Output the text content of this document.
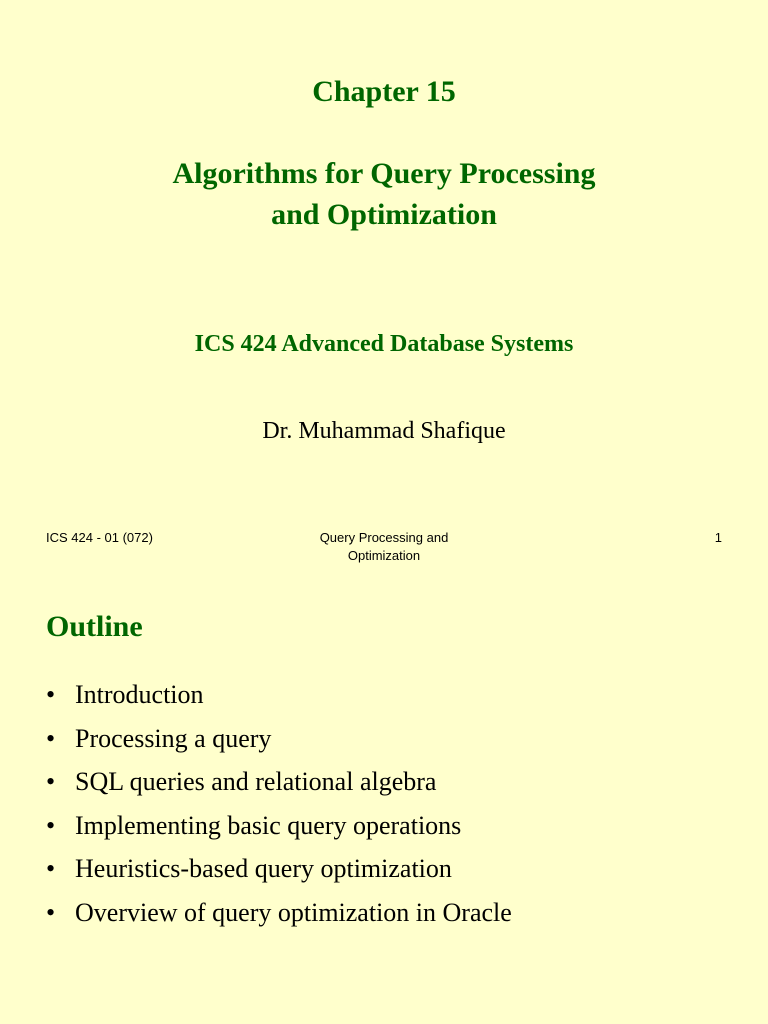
Chapter 15
Algorithms for Query Processing
and Optimization
ICS 424 Advanced Database Systems
Dr. Muhammad Shafique
ICS 424 - 01 (072)	Query Processing and
Optimization
1
Outline
• Introduction
• Processing a query
• SQL queries and relational algebra
• Implementing basic query operations
• Heuristics-based query optimization
• Overview of query optimization in Oracle
